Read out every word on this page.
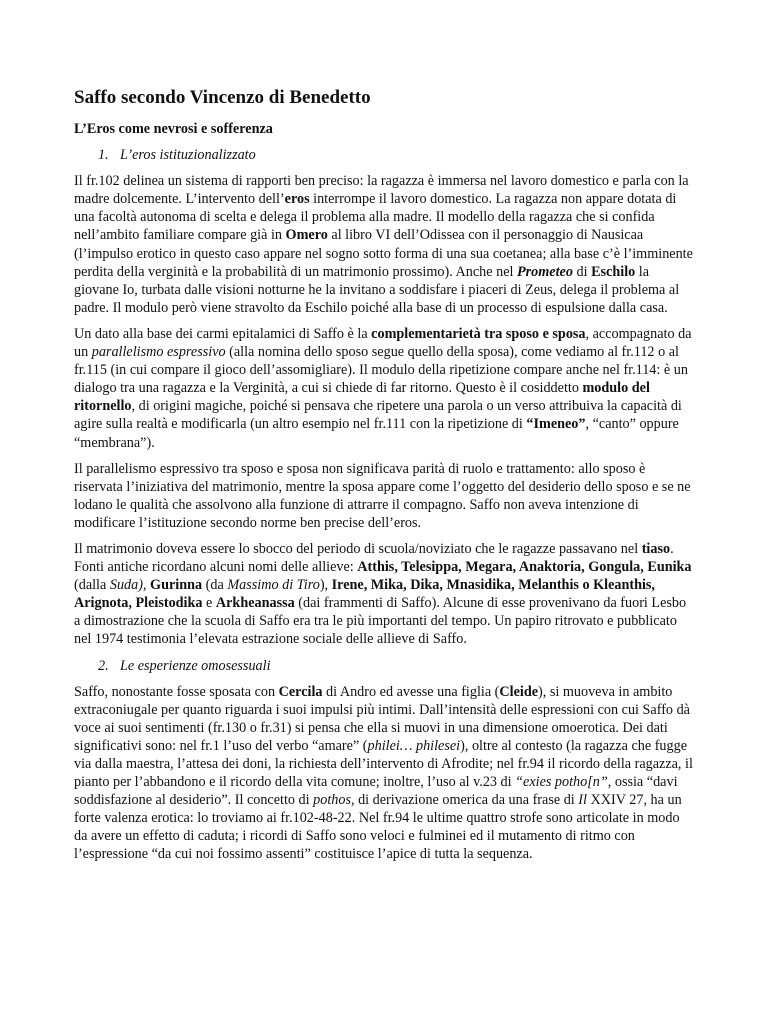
Saffo secondo Vincenzo di Benedetto
L’Eros come nevrosi e sofferenza
1. L’eros istituzionalizzato

Il fr.102 delinea un sistema di rapporti ben preciso: la ragazza è immersa nel lavoro domestico e parla con la madre dolcemente. L’intervento dell’eros interrompe il lavoro domestico. La ragazza non appare dotata di una facoltà autonoma di scelta e delega il problema alla madre. Il modello della ragazza che si confida nell’ambito familiare compare già in Omero al libro VI dell’Odissea con il personaggio di Nausicaa (l’impulso erotico in questo caso appare nel sogno sotto forma di una sua coetanea; alla base c’è l’imminente perdita della verginità e la probabilità di un matrimonio prossimo). Anche nel Prometeo di Eschilo la giovane Io, turbata dalle visioni notturne he la invitano a soddisfare i piaceri di Zeus, delega il problema al padre. Il modulo però viene stravolto da Eschilo poiché alla base di un processo di espulsione dalla casa.

Un dato alla base dei carmi epitalamici di Saffo è la complementarietà tra sposo e sposa, accompagnato da un parallelismo espressivo (alla nomina dello sposo segue quello della sposa), come vediamo al fr.112 o al fr.115 (in cui compare il gioco dell’assomigliare). Il modulo della ripetizione compare anche nel fr.114: è un dialogo tra una ragazza e la Verginità, a cui si chiede di far ritorno. Questo è il cosiddetto modulo del ritornello, di origini magiche, poiché si pensava che ripetere una parola o un verso attribuiva la capacità di agire sulla realtà e modificarla (un altro esempio nel fr.111 con la ripetizione di “Imeneo”, “canto” oppure “membrana”).

Il parallelismo espressivo tra sposo e sposa non significava parità di ruolo e trattamento: allo sposo è riservata l’iniziativa del matrimonio, mentre la sposa appare come l’oggetto del desiderio dello sposo e se ne lodano le qualità che assolvono alla funzione di attrarre il compagno. Saffo non aveva intenzione di modificare l’istituzione secondo norme ben precise dell’eros.

Il matrimonio doveva essere lo sbocco del periodo di scuola/noviziato che le ragazze passavano nel tiaso. Fonti antiche ricordano alcuni nomi delle allieve: Atthis, Telesippa, Megara, Anaktoria, Gongula, Eunika (dalla Suda), Gurinna (da Massimo di Tiro), Irene, Mika, Dika, Mnasidika, Melanthis o Kleanthis, Arignota, Pleistodika e Arkheanassa (dai frammenti di Saffo). Alcune di esse provenivano da fuori Lesbo a dimostrazione che la scuola di Saffo era tra le più importanti del tempo. Un papiro ritrovato e pubblicato nel 1974 testimonia l’elevata estrazione sociale delle allieve di Saffo.

2. Le esperienze omosessuali

Saffo, nonostante fosse sposata con Cercila di Andro ed avesse una figlia (Cleide), si muoveva in ambito extraconiugale per quanto riguarda i suoi impulsi più intimi. Dall’intensità delle espressioni con cui Saffo dà voce ai suoi sentimenti (fr.130 o fr.31) si pensa che ella si muovi in una dimensione omoerotica. Dei dati significativi sono: nel fr.1 l’uso del verbo “amare” (philei… philesei), oltre al contesto (la ragazza che fugge via dalla maestra, l’attesa dei doni, la richiesta dell’intervento di Afrodite; nel fr.94 il ricordo della ragazza, il pianto per l’abbandono e il ricordo della vita comune; inoltre, l’uso al v.23 di “exies potho[n”, ossia “davi soddisfazione al desiderio”. Il concetto di pothos, di derivazione omerica da una frase di Il XXIV 27, ha un forte valenza erotica: lo troviamo ai fr.102-48-22. Nel fr.94 le ultime quattro strofe sono articolate in modo da avere un effetto di caduta; i ricordi di Saffo sono veloci e fulminei ed il mutamento di ritmo con l’espressione “da cui noi fossimo assenti” costituisce l’apice di tutta la sequenza.
